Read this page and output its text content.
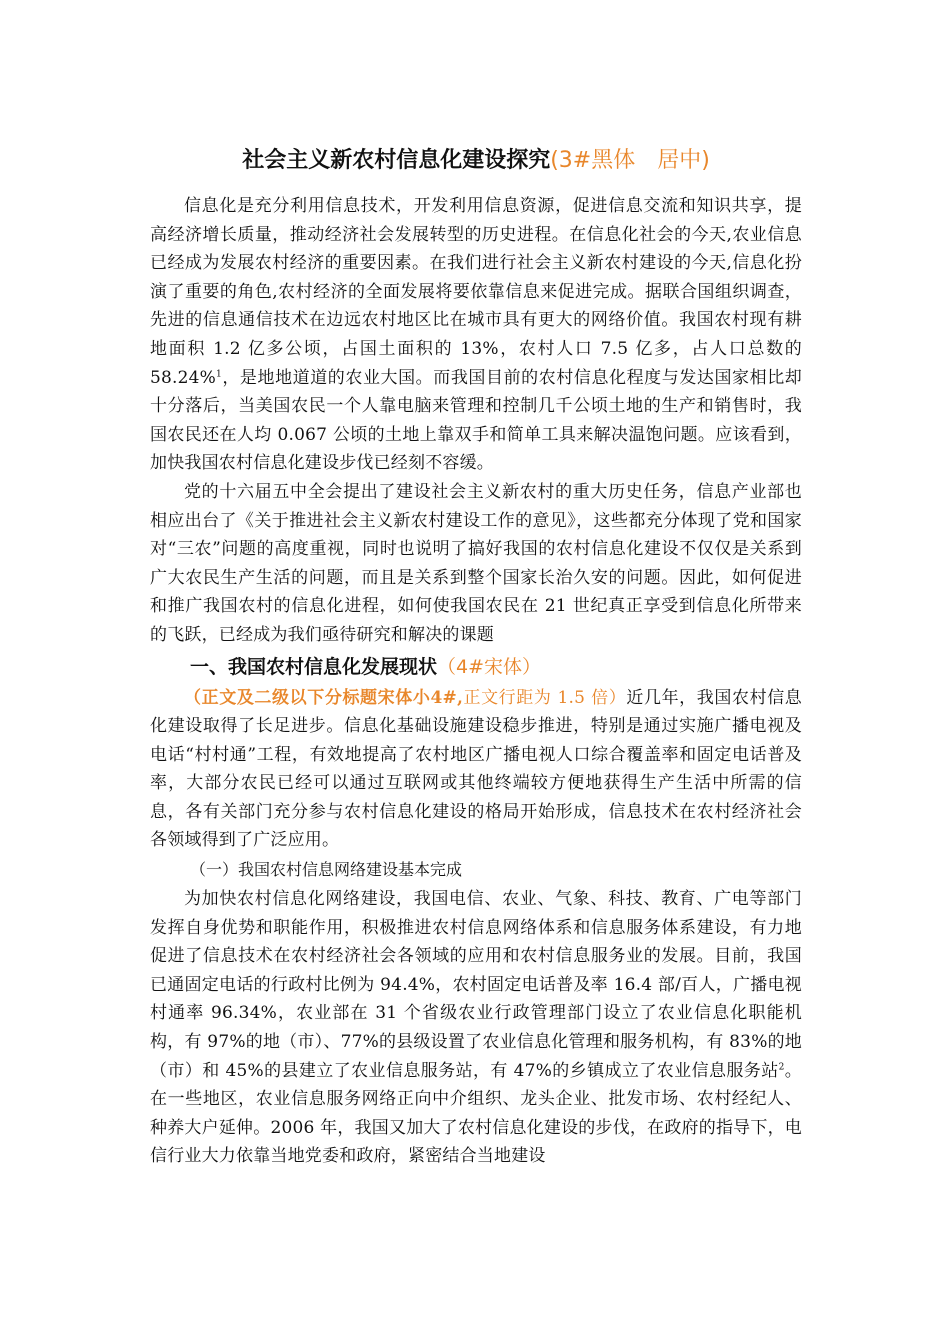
社会主义新农村信息化建设探究(3#黑体　居中)

信息化是充分利用信息技术，开发利用信息资源，促进信息交流和知识共享，提高经济增长质量，推动经济社会发展转型的历史进程。在信息化社会的今天,农业信息已经成为发展农村经济的重要因素。在我们进行社会主义新农村建设的今天,信息化扮演了重要的角色,农村经济的全面发展将要依靠信息来促进完成。据联合国组织调查，先进的信息通信技术在边远农村地区比在城市具有更大的网络价值。我国农村现有耕地面积 1.2 亿多公顷，占国土面积的 13%，农村人口 7.5 亿多，占人口总数的 58.24%$^1$，是地地道道的农业大国。而我国目前的农村信息化程度与发达国家相比却十分落后，当美国农民一个人靠电脑来管理和控制几千公顷土地的生产和销售时，我国农民还在人均 0.067 公顷的土地上靠双手和简单工具来解决温饱问题。应该看到，加快我国农村信息化建设步伐已经刻不容缓。

党的十六届五中全会提出了建设社会主义新农村的重大历史任务，信息产业部也相应出台了《关于推进社会主义新农村建设工作的意见》，这些都充分体现了党和国家对“三农”问题的高度重视，同时也说明了搞好我国的农村信息化建设不仅仅是关系到广大农民生产生活的问题，而且是关系到整个国家长治久安的问题。因此，如何促进和推广我国农村的信息化进程，如何使我国农民在 21 世纪真正享受到信息化所带来的飞跃，已经成为我们亟待研究和解决的课题

一、我国农村信息化发展现状（4#宋体）

（正文及二级以下分标题宋体小4#,正文行距为 1.5 倍）近几年，我国农村信息化建设取得了长足进步。信息化基础设施建设稳步推进，特别是通过实施广播电视及电话“村村通”工程，有效地提高了农村地区广播电视人口综合覆盖率和固定电话普及率，大部分农民已经可以通过互联网或其他终端较方便地获得生产生活中所需的信息，各有关部门充分参与农村信息化建设的格局开始形成，信息技术在农村经济社会各领域得到了广泛应用。

（一）我国农村信息网络建设基本完成

为加快农村信息化网络建设，我国电信、农业、气象、科技、教育、广电等部门发挥自身优势和职能作用，积极推进农村信息网络体系和信息服务体系建设，有力地促进了信息技术在农村经济社会各领域的应用和农村信息服务业的发展。目前，我国已通固定电话的行政村比例为 94.4%，农村固定电话普及率 16.4 部/百人，广播电视村通率 96.34%，农业部在 31 个省级农业行政管理部门设立了农业信息化职能机构，有 97%的地（市）、77%的县级设置了农业信息化管理和服务机构，有 83%的地（市）和 45%的县建立了农业信息服务站，有 47%的乡镇成立了农业信息服务站$^2$。在一些地区，农业信息服务网络正向中介组织、龙头企业、批发市场、农村经纪人、种养大户延伸。2006 年，我国又加大了农村信息化建设的步伐，在政府的指导下，电信行业大力依靠当地党委和政府，紧密结合当地建设
